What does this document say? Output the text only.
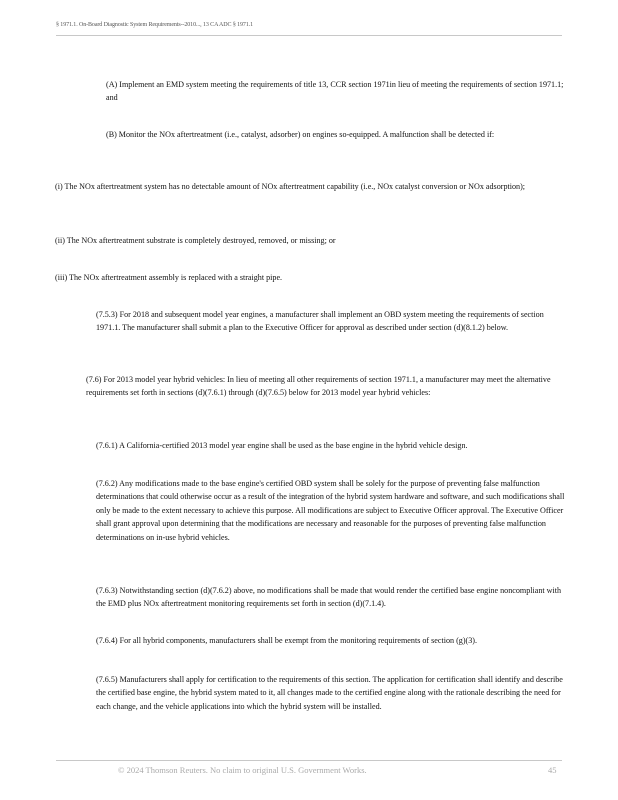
§ 1971.1. On-Board Diagnostic System Requirements--2010..., 13 CA ADC § 1971.1

(A) Implement an EMD system meeting the requirements of title 13, CCR section 1971in lieu of meeting the requirements of section 1971.1; and

(B) Monitor the NOx aftertreatment (i.e., catalyst, adsorber) on engines so-equipped. A malfunction shall be detected if:

(i) The NOx aftertreatment system has no detectable amount of NOx aftertreatment capability (i.e., NOx catalyst conversion or NOx adsorption);

(ii) The NOx aftertreatment substrate is completely destroyed, removed, or missing; or

(iii) The NOx aftertreatment assembly is replaced with a straight pipe.

(7.5.3) For 2018 and subsequent model year engines, a manufacturer shall implement an OBD system meeting the requirements of section 1971.1. The manufacturer shall submit a plan to the Executive Officer for approval as described under section (d)(8.1.2) below.

(7.6) For 2013 model year hybrid vehicles: In lieu of meeting all other requirements of section 1971.1, a manufacturer may meet the alternative requirements set forth in sections (d)(7.6.1) through (d)(7.6.5) below for 2013 model year hybrid vehicles:

(7.6.1) A California-certified 2013 model year engine shall be used as the base engine in the hybrid vehicle design.

(7.6.2) Any modifications made to the base engine's certified OBD system shall be solely for the purpose of preventing false malfunction determinations that could otherwise occur as a result of the integration of the hybrid system hardware and software, and such modifications shall only be made to the extent necessary to achieve this purpose. All modifications are subject to Executive Officer approval. The Executive Officer shall grant approval upon determining that the modifications are necessary and reasonable for the purposes of preventing false malfunction determinations on in-use hybrid vehicles.

(7.6.3) Notwithstanding section (d)(7.6.2) above, no modifications shall be made that would render the certified base engine noncompliant with the EMD plus NOx aftertreatment monitoring requirements set forth in section (d)(7.1.4).

(7.6.4) For all hybrid components, manufacturers shall be exempt from the monitoring requirements of section (g)(3).

(7.6.5) Manufacturers shall apply for certification to the requirements of this section. The application for certification shall identify and describe the certified base engine, the hybrid system mated to it, all changes made to the certified engine along with the rationale describing the need for each change, and the vehicle applications into which the hybrid system will be installed.

© 2024 Thomson Reuters. No claim to original U.S. Government Works.	45
